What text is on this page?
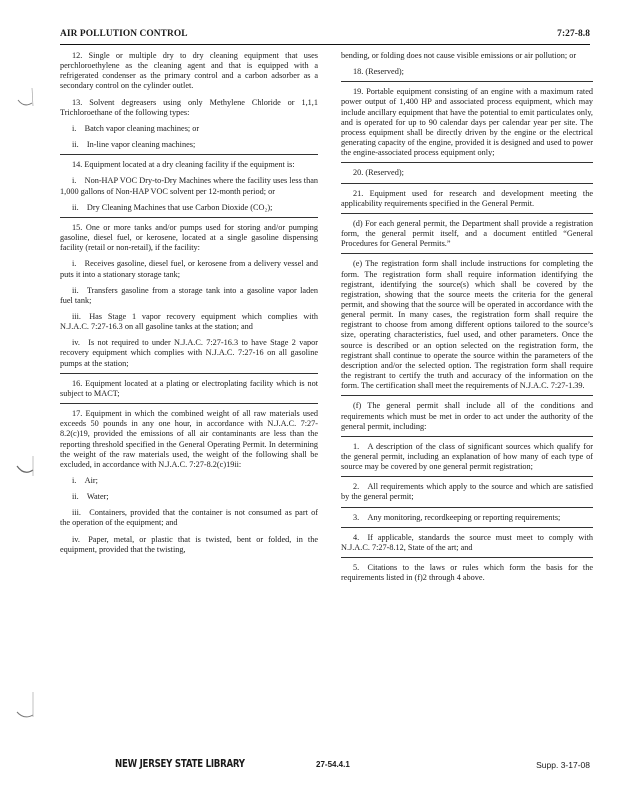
AIR POLLUTION CONTROL	7:27-8.8

12. Single or multiple dry to dry cleaning equipment that uses perchloroethylene as the cleaning agent and that is equipped with a refrigerated condenser as the primary control and a carbon adsorber as a secondary control on the cylinder outlet.

13. Solvent degreasers using only Methylene Chloride or 1,1,1 Trichloroethane of the following types:

i. Batch vapor cleaning machines; or

ii. In-line vapor cleaning machines;

14. Equipment located at a dry cleaning facility if the equipment is:

i. Non-HAP VOC Dry-to-Dry Machines where the facility uses less than 1,000 gallons of Non-HAP VOC solvent per 12-month period; or

ii. Dry Cleaning Machines that use Carbon Dioxide (CO₂);

15. One or more tanks and/or pumps used for storing and/or pumping gasoline, diesel fuel, or kerosene, located at a single gasoline dispensing facility (retail or non-retail), if the facility:

i. Receives gasoline, diesel fuel, or kerosene from a delivery vessel and puts it into a stationary storage tank;

ii. Transfers gasoline from a storage tank into a gasoline vapor laden fuel tank;

iii. Has Stage 1 vapor recovery equipment which complies with N.J.A.C. 7:27-16.3 on all gasoline tanks at the station; and

iv. Is not required to under N.J.A.C. 7:27-16.3 to have Stage 2 vapor recovery equipment which complies with N.J.A.C. 7:27-16 on all gasoline pumps at the station;

16. Equipment located at a plating or electroplating facility which is not subject to MACT;

17. Equipment in which the combined weight of all raw materials used exceeds 50 pounds in any one hour, in accordance with N.J.A.C. 7:27-8.2(c)19, provided the emissions of all air contaminants are less than the reporting threshold specified in the General Operating Permit. In determining the weight of the raw materials used, the weight of the following shall be excluded, in accordance with N.J.A.C. 7:27-8.2(c)19ii:

i. Air;

ii. Water;

iii. Containers, provided that the container is not consumed as part of the operation of the equipment; and

iv. Paper, metal, or plastic that is twisted, bent or folded, in the equipment, provided that the twisting,

bending, or folding does not cause visible emissions or air pollution; or

18. (Reserved);

19. Portable equipment consisting of an engine with a maximum rated power output of 1,400 HP and associated process equipment, which may include ancillary equipment that have the potential to emit particulates only, and is operated for up to 90 calendar days per calendar year per site. The process equipment shall be directly driven by the engine or the electrical generating capacity of the engine, provided it is designed and used to power the engine-associated process equipment only;

20. (Reserved);

21. Equipment used for research and development meeting the applicability requirements specified in the General Permit.

(d) For each general permit, the Department shall provide a registration form, the general permit itself, and a document entitled “General Procedures for General Permits.”

(e) The registration form shall include instructions for completing the form. The registration form shall require information identifying the registrant, identifying the source(s) which shall be covered by the registration, showing that the source meets the criteria for the general permit, and showing that the source will be operated in accordance with the general permit. In many cases, the registration form shall require the registrant to choose from among different options tailored to the source’s size, operating characteristics, fuel used, and other parameters. Once the source is described or an option selected on the registration form, the registrant shall continue to operate the source within the parameters of the description and/or the selected option. The registration form shall require the registrant to certify the truth and accuracy of the information on the form. The certification shall meet the requirements of N.J.A.C. 7:27-1.39.

(f) The general permit shall include all of the conditions and requirements which must be met in order to act under the authority of the general permit, including:

1. A description of the class of significant sources which qualify for the general permit, including an explanation of how many of each type of source may be covered by one general permit registration;

2. All requirements which apply to the source and which are satisfied by the general permit;

3. Any monitoring, recordkeeping or reporting requirements;

4. If applicable, standards the source must meet to comply with N.J.A.C. 7:27-8.12, State of the art; and

5. Citations to the laws or rules which form the basis for the requirements listed in (f)2 through 4 above.

NEW JERSEY STATE LIBRARY	27-54.4.1	Supp. 3-17-08
